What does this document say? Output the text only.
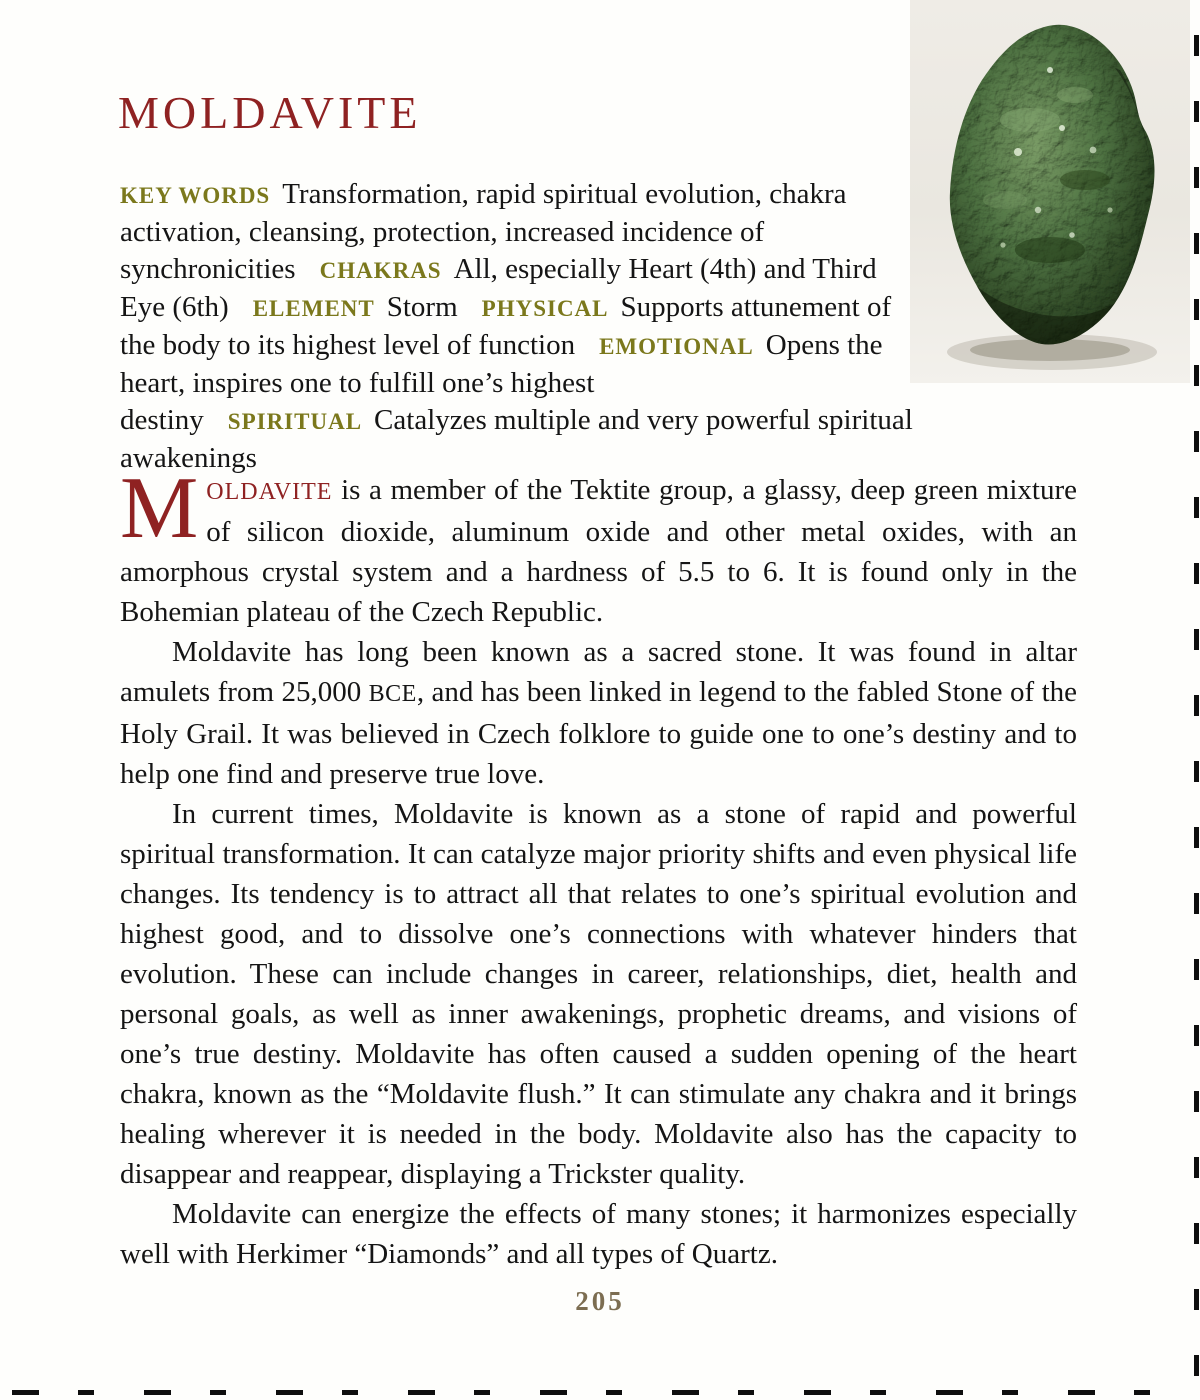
MOLDAVITE
KEY WORDS Transformation, rapid spiritual evolution, chakra activation, cleansing, protection, increased incidence of synchronicities CHAKRAS All, especially Heart (4th) and Third Eye (6th) ELEMENT Storm PHYSICAL Supports attunement of the body to its highest level of function EMOTIONAL Opens the heart, inspires one to fulfill one’s highest destiny SPIRITUAL Catalyzes multiple and very powerful spiritual awakenings

MOLDAVITE is a member of the Tektite group, a glassy, deep green mixture of silicon dioxide, aluminum oxide and other metal oxides, with an amorphous crystal system and a hardness of 5.5 to 6. It is found only in the Bohemian plateau of the Czech Republic.

Moldavite has long been known as a sacred stone. It was found in altar amulets from 25,000 BCE, and has been linked in legend to the fabled Stone of the Holy Grail. It was believed in Czech folklore to guide one to one’s destiny and to help one find and preserve true love.

In current times, Moldavite is known as a stone of rapid and powerful spiritual transformation. It can catalyze major priority shifts and even physical life changes. Its tendency is to attract all that relates to one’s spiritual evolution and highest good, and to dissolve one’s connections with whatever hinders that evolution. These can include changes in career, relationships, diet, health and personal goals, as well as inner awakenings, prophetic dreams, and visions of one’s true destiny. Moldavite has often caused a sudden opening of the heart chakra, known as the “Moldavite flush.” It can stimulate any chakra and it brings healing wherever it is needed in the body. Moldavite also has the capacity to disappear and reappear, displaying a Trickster quality.

Moldavite can energize the effects of many stones; it harmonizes especially well with Herkimer “Diamonds” and all types of Quartz.

205
